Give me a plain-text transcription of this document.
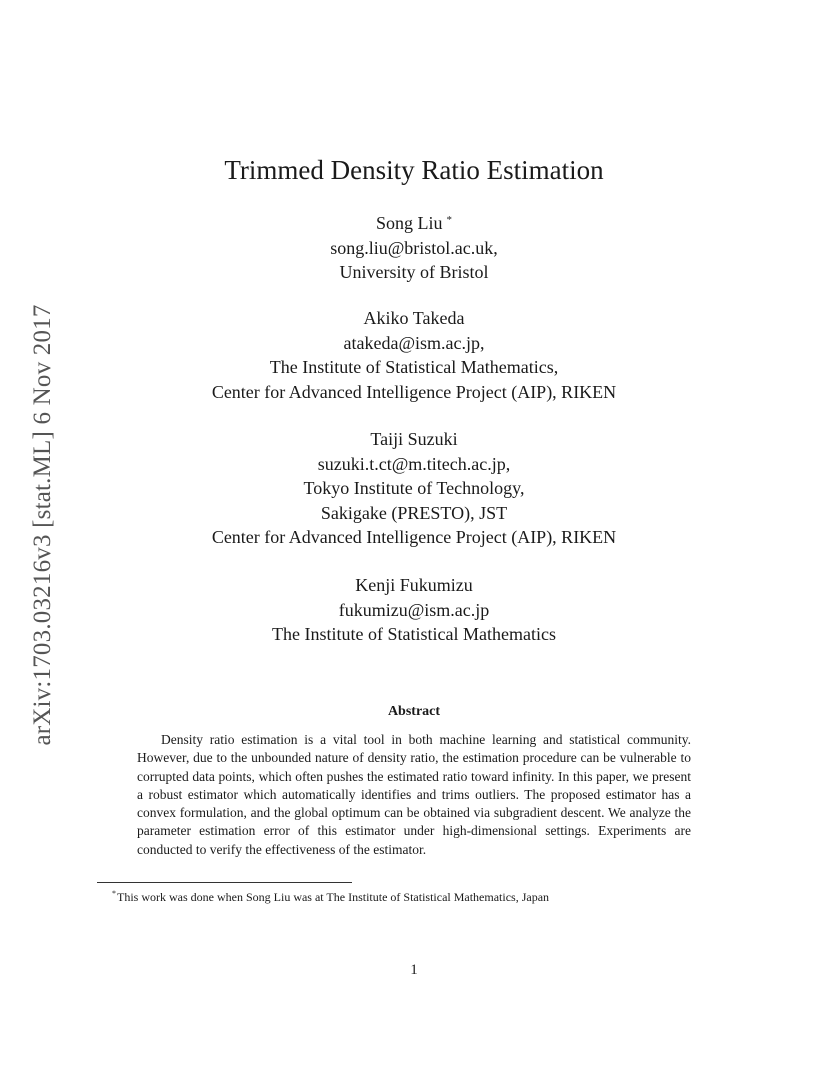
arXiv:1703.03216v3 [stat.ML] 6 Nov 2017
Trimmed Density Ratio Estimation
Song Liu *
song.liu@bristol.ac.uk,
University of Bristol
Akiko Takeda
atakeda@ism.ac.jp,
The Institute of Statistical Mathematics,
Center for Advanced Intelligence Project (AIP), RIKEN
Taiji Suzuki
suzuki.t.ct@m.titech.ac.jp,
Tokyo Institute of Technology,
Sakigake (PRESTO), JST
Center for Advanced Intelligence Project (AIP), RIKEN
Kenji Fukumizu
fukumizu@ism.ac.jp
The Institute of Statistical Mathematics
Abstract

Density ratio estimation is a vital tool in both machine learning and statistical community. However, due to the unbounded nature of density ratio, the estimation procedure can be vulnerable to corrupted data points, which often pushes the estimated ratio toward infinity. In this paper, we present a robust estimator which automatically identifies and trims outliers. The proposed estimator has a convex formulation, and the global optimum can be obtained via subgradient descent. We analyze the parameter estimation error of this estimator under high-dimensional settings. Experiments are conducted to verify the effectiveness of the estimator.

*This work was done when Song Liu was at The Institute of Statistical Mathematics, Japan
1
